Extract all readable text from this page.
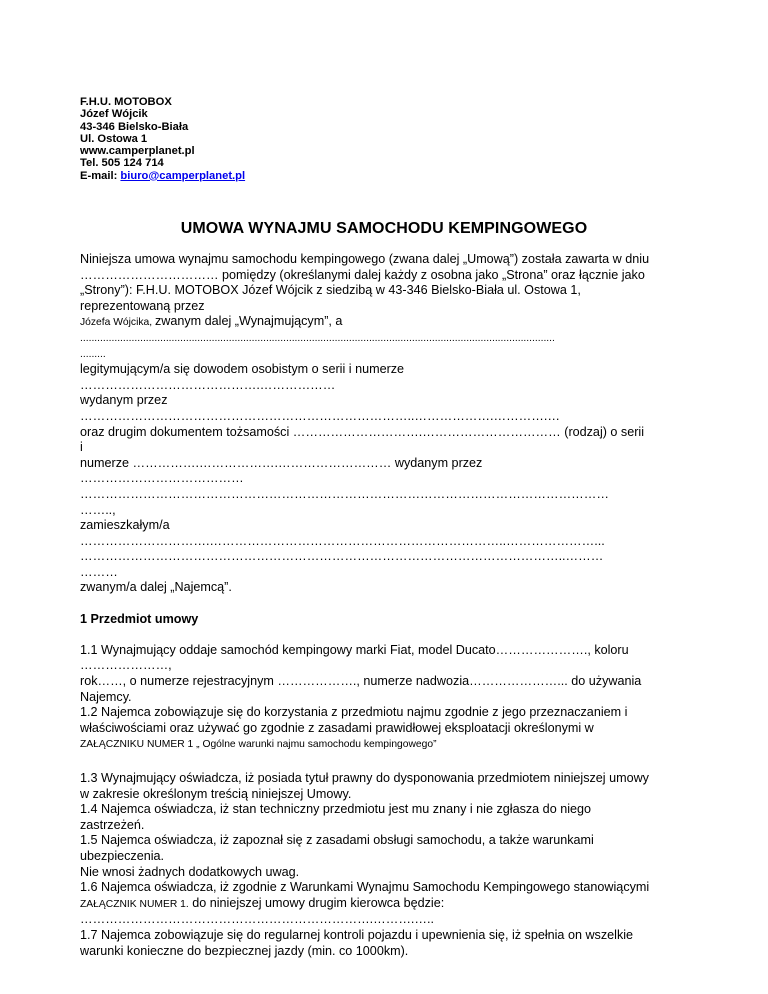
F.H.U. MOTOBOX
Józef Wójcik
43-346 Bielsko-Biała
Ul. Ostowa 1
www.camperplanet.pl
Tel. 505 124 714
E-mail: biuro@camperplanet.pl
UMOWA WYNAJMU SAMOCHODU KEMPINGOWEGO
Niniejsza umowa wynajmu samochodu kempingowego (zwana dalej „Umową”) została zawarta w dniu
…………………………… pomiędzy (określanymi dalej każdy z osobna jako „Strona” oraz łącznie jako
„Strony”): F.H.U. MOTOBOX Józef Wójcik z siedzibą w 43-346 Bielsko-Biała ul. Ostowa 1,
reprezentowaną przez
Józefa Wójcika, zwanym dalej „Wynajmującym”, a
......................................................................................................................................................................
.........
legitymującym/a się dowodem osobistym o serii i numerze
…………………………………….………………
wydanym przez
……………………………………………………………………..……………….………….…
oraz drugim dokumentem tożsamości ………………………….…………………………… (rodzaj) o serii
i
numerze …………….……………….……………………… wydanym przez
…………………………………
………………………………………………………………………………………………………………
……..,
zamieszkałym/a
………………………….……………………………………………………………..…………………...
……………………………………………………………………………………………………..………
………
zwanym/a dalej „Najemcą”.
1 Przedmiot umowy
1.1 Wynajmujący oddaje samochód kempingowy marki Fiat, model Ducato…………………., koloru
…………………,
rok……, o numerze rejestracyjnym ………………., numerze nadwozia…………………... do używania
Najemcy.
1.2 Najemca zobowiązuje się do korzystania z przedmiotu najmu zgodnie z jego przeznaczaniem i
właściwościami oraz używać go zgodnie z zasadami prawidłowej eksploatacji określonymi w
ZAŁĄCZNIKU NUMER 1 „ Ogólne warunki najmu samochodu kempingowego”
1.3 Wynajmujący oświadcza, iż posiada tytuł prawny do dysponowania przedmiotem niniejszej umowy
w zakresie określonym treścią niniejszej Umowy.
1.4 Najemca oświadcza, iż stan techniczny przedmiotu jest mu znany i nie zgłasza do niego
zastrzeżeń.
1.5 Najemca oświadcza, iż zapoznał się z zasadami obsługi samochodu, a także warunkami
ubezpieczenia.
Nie wnosi żadnych dodatkowych uwag.
1.6 Najemca oświadcza, iż zgodnie z Warunkami Wynajmu Samochodu Kempingowego stanowiącymi
ZAŁĄCZNIK NUMER 1. do niniejszej umowy drugim kierowca będzie:
…………………………………………………………….……….…..
1.7 Najemca zobowiązuje się do regularnej kontroli pojazdu i upewnienia się, iż spełnia on wszelkie
warunki konieczne do bezpiecznej jazdy (min. co 1000km).
